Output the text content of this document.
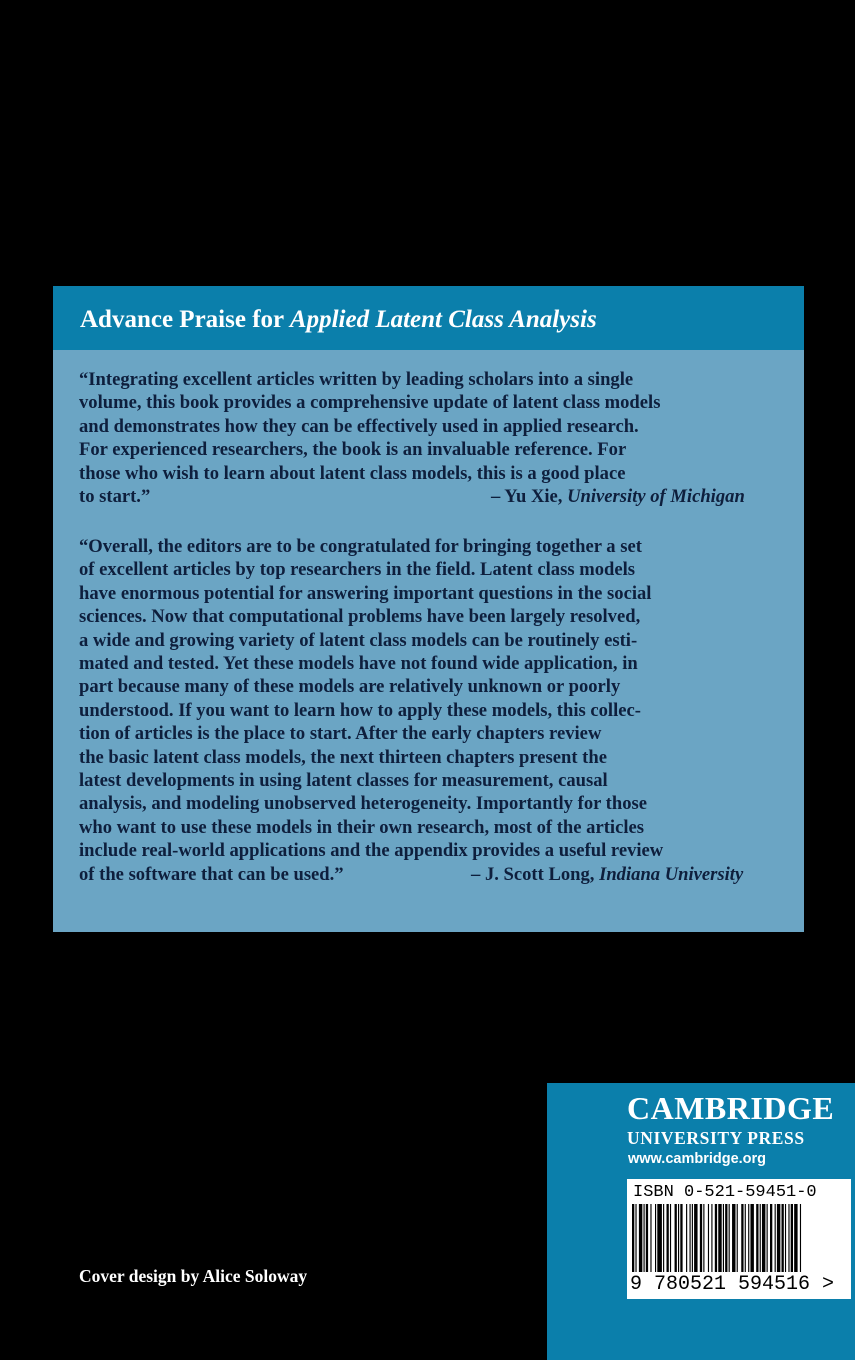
Advance Praise for Applied Latent Class Analysis
“Integrating excellent articles written by leading scholars into a single
volume, this book provides a comprehensive update of latent class models
and demonstrates how they can be effectively used in applied research.
For experienced researchers, the book is an invaluable reference. For
those who wish to learn about latent class models, this is a good place
to start.”	– Yu Xie, University of Michigan
“Overall, the editors are to be congratulated for bringing together a set
of excellent articles by top researchers in the field. Latent class models
have enormous potential for answering important questions in the social
sciences. Now that computational problems have been largely resolved,
a wide and growing variety of latent class models can be routinely esti-
mated and tested. Yet these models have not found wide application, in
part because many of these models are relatively unknown or poorly
understood. If you want to learn how to apply these models, this collec-
tion of articles is the place to start. After the early chapters review
the basic latent class models, the next thirteen chapters present the
latest developments in using latent classes for measurement, causal
analysis, and modeling unobserved heterogeneity. Importantly for those
who want to use these models in their own research, most of the articles
include real-world applications and the appendix provides a useful review
of the software that can be used.”	– J. Scott Long, Indiana University
Cover design by Alice Soloway
CAMBRIDGE
UNIVERSITY PRESS
www.cambridge.org
ISBN 0-521-59451-0
9 780521 594516 >
